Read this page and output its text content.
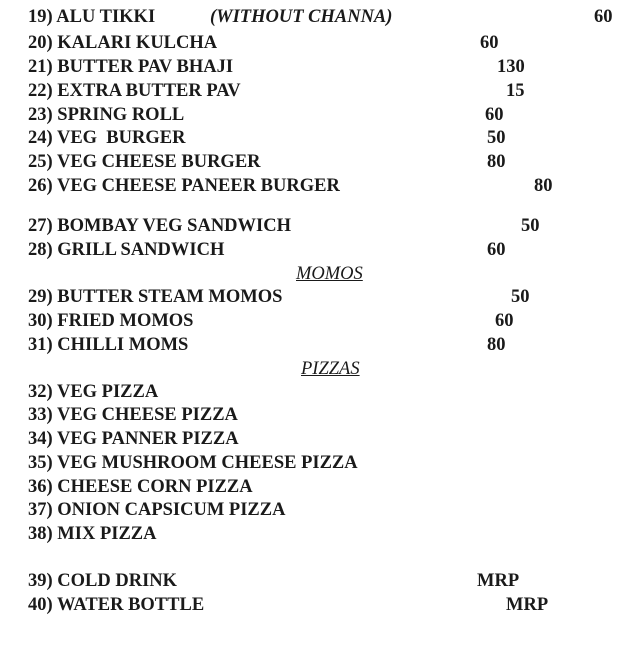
19) ALU TIKKI	(WITHOUT CHANNA)	60
20) KALARI KULCHA	60
21) BUTTER PAV BHAJI	130
22) EXTRA BUTTER PAV	15
23) SPRING ROLL	60
24) VEG  BURGER	50
25) VEG CHEESE BURGER	80
26) VEG CHEESE PANEER BURGER	80
27) BOMBAY VEG SANDWICH	50
28) GRILL SANDWICH	60
MOMOS
29) BUTTER STEAM MOMOS	50
30) FRIED MOMOS	60
31) CHILLI MOMS	80
PIZZAS
32) VEG PIZZA
33) VEG CHEESE PIZZA
34) VEG PANNER PIZZA
35) VEG MUSHROOM CHEESE PIZZA
36) CHEESE CORN PIZZA
37) ONION CAPSICUM PIZZA
38) MIX PIZZA
39) COLD DRINK	MRP
40) WATER BOTTLE	MRP
